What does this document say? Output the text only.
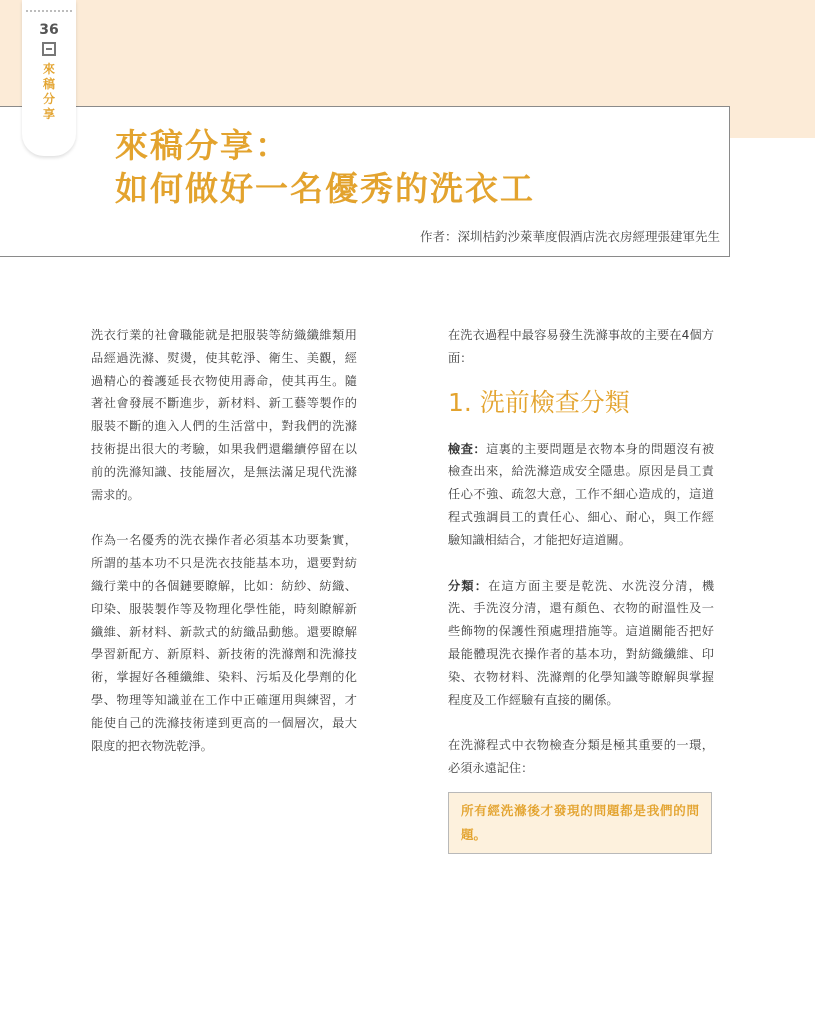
36
來稿分享
來稿分享：
如何做好一名優秀的洗衣工
作者：深圳桔釣沙萊華度假酒店洗衣房經理張建軍先生

洗衣行業的社會職能就是把服裝等紡織纖維類用品經過洗滌、熨燙，使其乾淨、衛生、美觀，經過精心的養護延長衣物使用壽命，使其再生。隨著社會發展不斷進步，新材料、新工藝等製作的服裝不斷的進入人們的生活當中，對我們的洗滌技術提出很大的考驗，如果我們還繼續停留在以前的洗滌知識、技能層次，是無法滿足現代洗滌需求的。

作為一名優秀的洗衣操作者必須基本功要紮實，所謂的基本功不只是洗衣技能基本功，還要對紡織行業中的各個鏈要瞭解，比如：紡紗、紡織、印染、服裝製作等及物理化學性能，時刻瞭解新纖維、新材料、新款式的紡織品動態。還要瞭解學習新配方、新原料、新技術的洗滌劑和洗滌技術，掌握好各種纖維、染料、污垢及化學劑的化學、物理等知識並在工作中正確運用與練習，才能使自己的洗滌技術達到更高的一個層次，最大限度的把衣物洗乾淨。

在洗衣過程中最容易發生洗滌事故的主要在4個方面：

1. 洗前檢查分類

檢查：這裏的主要問題是衣物本身的問題沒有被檢查出來，給洗滌造成安全隱患。原因是員工責任心不強、疏忽大意，工作不細心造成的，這道程式強調員工的責任心、細心、耐心，與工作經驗知識相結合，才能把好這道關。

分類：在這方面主要是乾洗、水洗沒分清，機洗、手洗沒分清，還有顏色、衣物的耐溫性及一些飾物的保護性預處理措施等。這道關能否把好最能體現洗衣操作者的基本功，對紡織纖維、印染、衣物材料、洗滌劑的化學知識等瞭解與掌握程度及工作經驗有直接的關係。

在洗滌程式中衣物檢查分類是極其重要的一環，必須永遠記住：

所有經洗滌後才發現的問題都是我們的問題。
